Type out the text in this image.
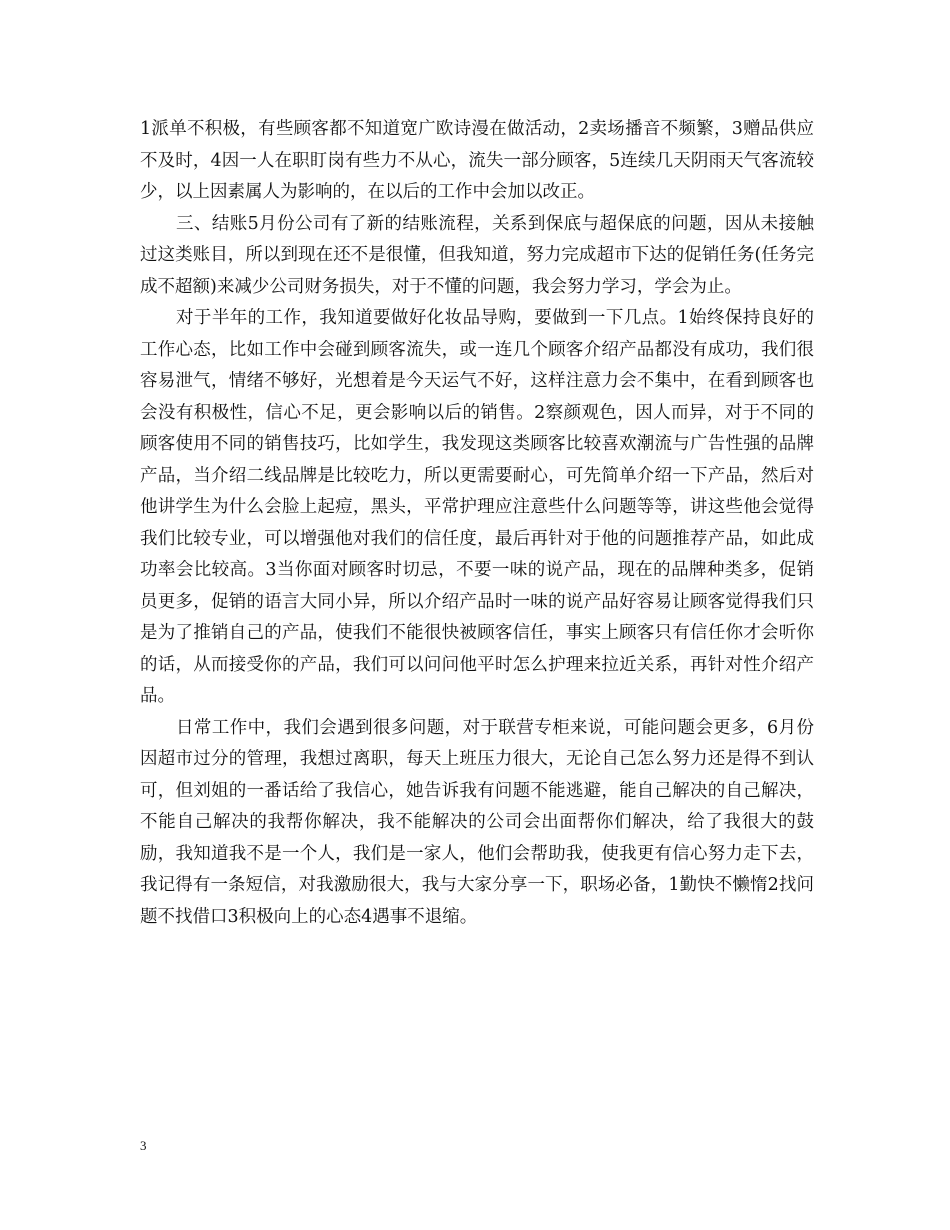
1派单不积极，有些顾客都不知道宽广欧诗漫在做活动，2卖场播音不频繁，3赠品供应不及时，4因一人在职盯岗有些力不从心，流失一部分顾客，5连续几天阴雨天气客流较少，以上因素属人为影响的，在以后的工作中会加以改正。

三、结账5月份公司有了新的结账流程，关系到保底与超保底的问题，因从未接触过这类账目，所以到现在还不是很懂，但我知道，努力完成超市下达的促销任务(任务完成不超额)来减少公司财务损失，对于不懂的问题，我会努力学习，学会为止。

对于半年的工作，我知道要做好化妆品导购，要做到一下几点。1始终保持良好的工作心态，比如工作中会碰到顾客流失，或一连几个顾客介绍产品都没有成功，我们很容易泄气，情绪不够好，光想着是今天运气不好，这样注意力会不集中，在看到顾客也会没有积极性，信心不足，更会影响以后的销售。2察颜观色，因人而异，对于不同的顾客使用不同的销售技巧，比如学生，我发现这类顾客比较喜欢潮流与广告性强的品牌产品，当介绍二线品牌是比较吃力，所以更需要耐心，可先简单介绍一下产品，然后对他讲学生为什么会脸上起痘，黑头，平常护理应注意些什么问题等等，讲这些他会觉得我们比较专业，可以增强他对我们的信任度，最后再针对于他的问题推荐产品，如此成功率会比较高。3当你面对顾客时切忌，不要一味的说产品，现在的品牌种类多，促销员更多，促销的语言大同小异，所以介绍产品时一味的说产品好容易让顾客觉得我们只是为了推销自己的产品，使我们不能很快被顾客信任，事实上顾客只有信任你才会听你的话，从而接受你的产品，我们可以问问他平时怎么护理来拉近关系，再针对性介绍产品。

日常工作中，我们会遇到很多问题，对于联营专柜来说，可能问题会更多，6月份因超市过分的管理，我想过离职，每天上班压力很大，无论自己怎么努力还是得不到认可，但刘姐的一番话给了我信心，她告诉我有问题不能逃避，能自己解决的自己解决，不能自己解决的我帮你解决，我不能解决的公司会出面帮你们解决，给了我很大的鼓励，我知道我不是一个人，我们是一家人，他们会帮助我，使我更有信心努力走下去，我记得有一条短信，对我激励很大，我与大家分享一下，职场必备，1勤快不懒惰2找问题不找借口3积极向上的心态4遇事不退缩。

3
